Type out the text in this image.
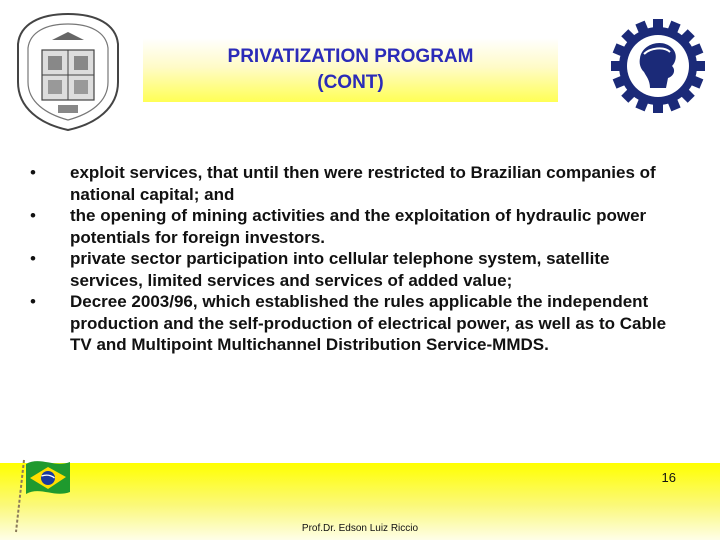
PRIVATIZATION PROGRAM
(CONT)
• exploit services, that until then were restricted to Brazilian companies of national capital; and
• the opening of mining activities and the exploitation of hydraulic power potentials for foreign investors.
• private sector participation into cellular telephone system, satellite services, limited services and services of added value;
• Decree 2003/96, which established the rules applicable the independent production and the self-production of electrical power, as well as to Cable TV and Multipoint Multichannel Distribution Service-MMDS.
16
Prof.Dr. Edson Luiz Riccio
